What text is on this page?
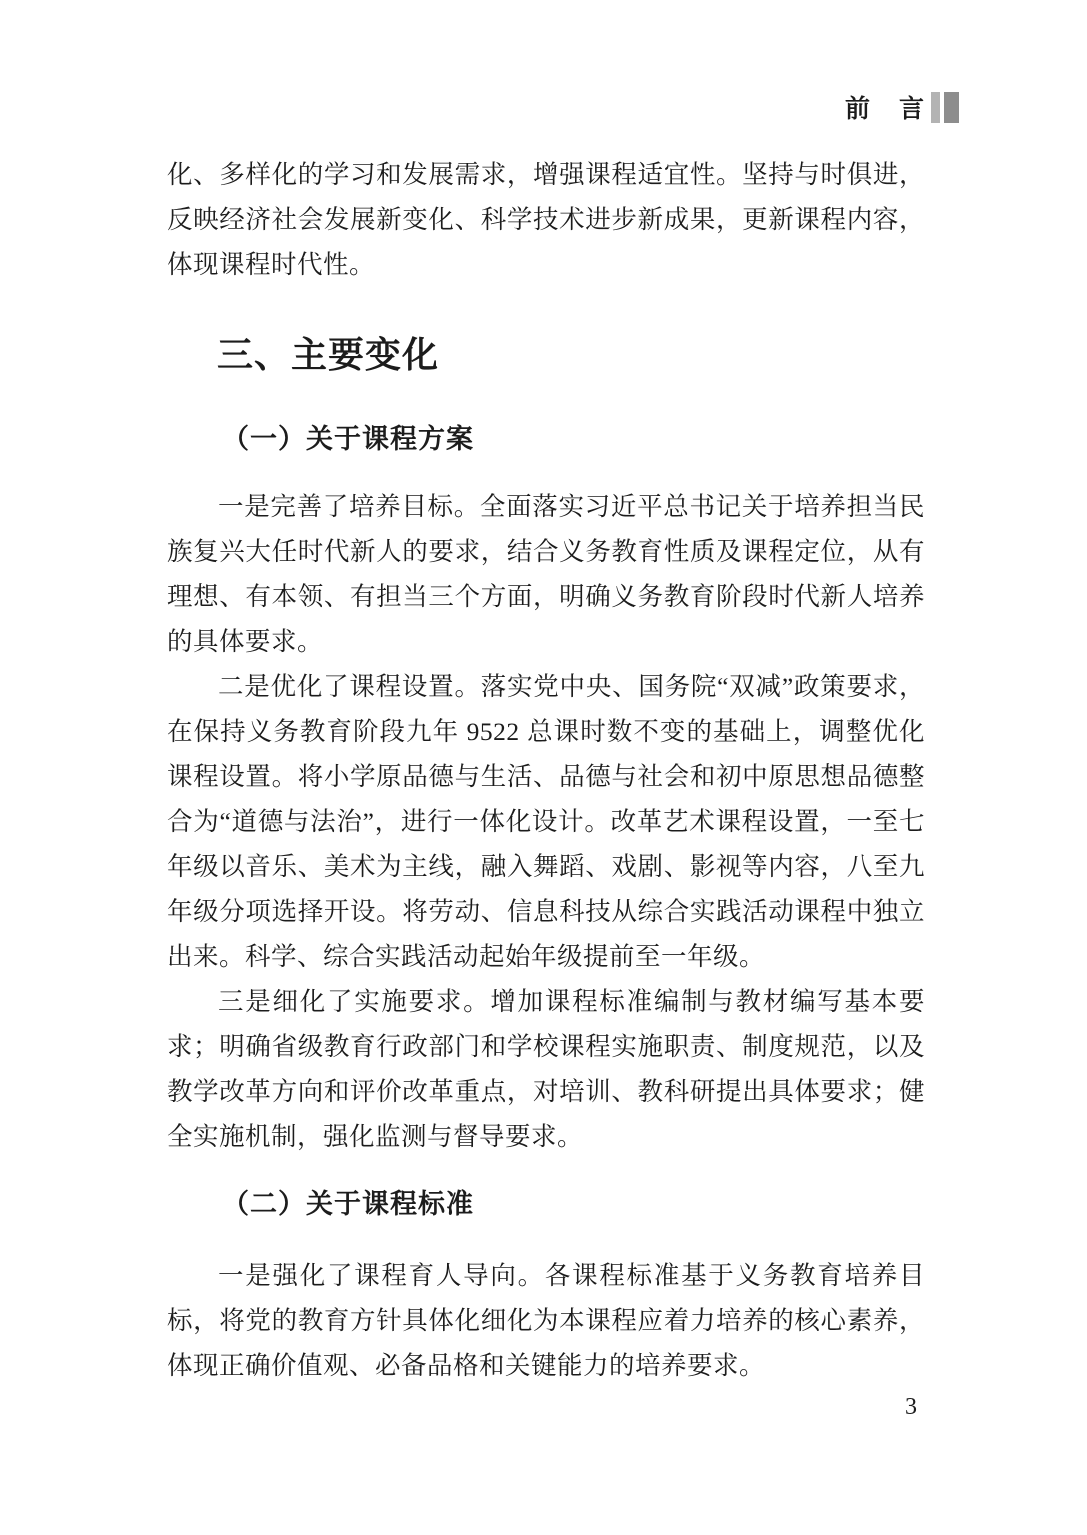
前　言

化、多样化的学习和发展需求，增强课程适宜性。坚持与时俱进，反映经济社会发展新变化、科学技术进步新成果，更新课程内容，体现课程时代性。

三、主要变化
（一）关于课程方案

一是完善了培养目标。全面落实习近平总书记关于培养担当民族复兴大任时代新人的要求，结合义务教育性质及课程定位，从有理想、有本领、有担当三个方面，明确义务教育阶段时代新人培养的具体要求。

二是优化了课程设置。落实党中央、国务院“双减”政策要求，在保持义务教育阶段九年 9522 总课时数不变的基础上，调整优化课程设置。将小学原品德与生活、品德与社会和初中原思想品德整合为“道德与法治”，进行一体化设计。改革艺术课程设置，一至七年级以音乐、美术为主线，融入舞蹈、戏剧、影视等内容，八至九年级分项选择开设。将劳动、信息科技从综合实践活动课程中独立出来。科学、综合实践活动起始年级提前至一年级。

三是细化了实施要求。增加课程标准编制与教材编写基本要求；明确省级教育行政部门和学校课程实施职责、制度规范，以及教学改革方向和评价改革重点，对培训、教科研提出具体要求；健全实施机制，强化监测与督导要求。

（二）关于课程标准

一是强化了课程育人导向。各课程标准基于义务教育培养目标，将党的教育方针具体化细化为本课程应着力培养的核心素养，体现正确价值观、必备品格和关键能力的培养要求。

3
